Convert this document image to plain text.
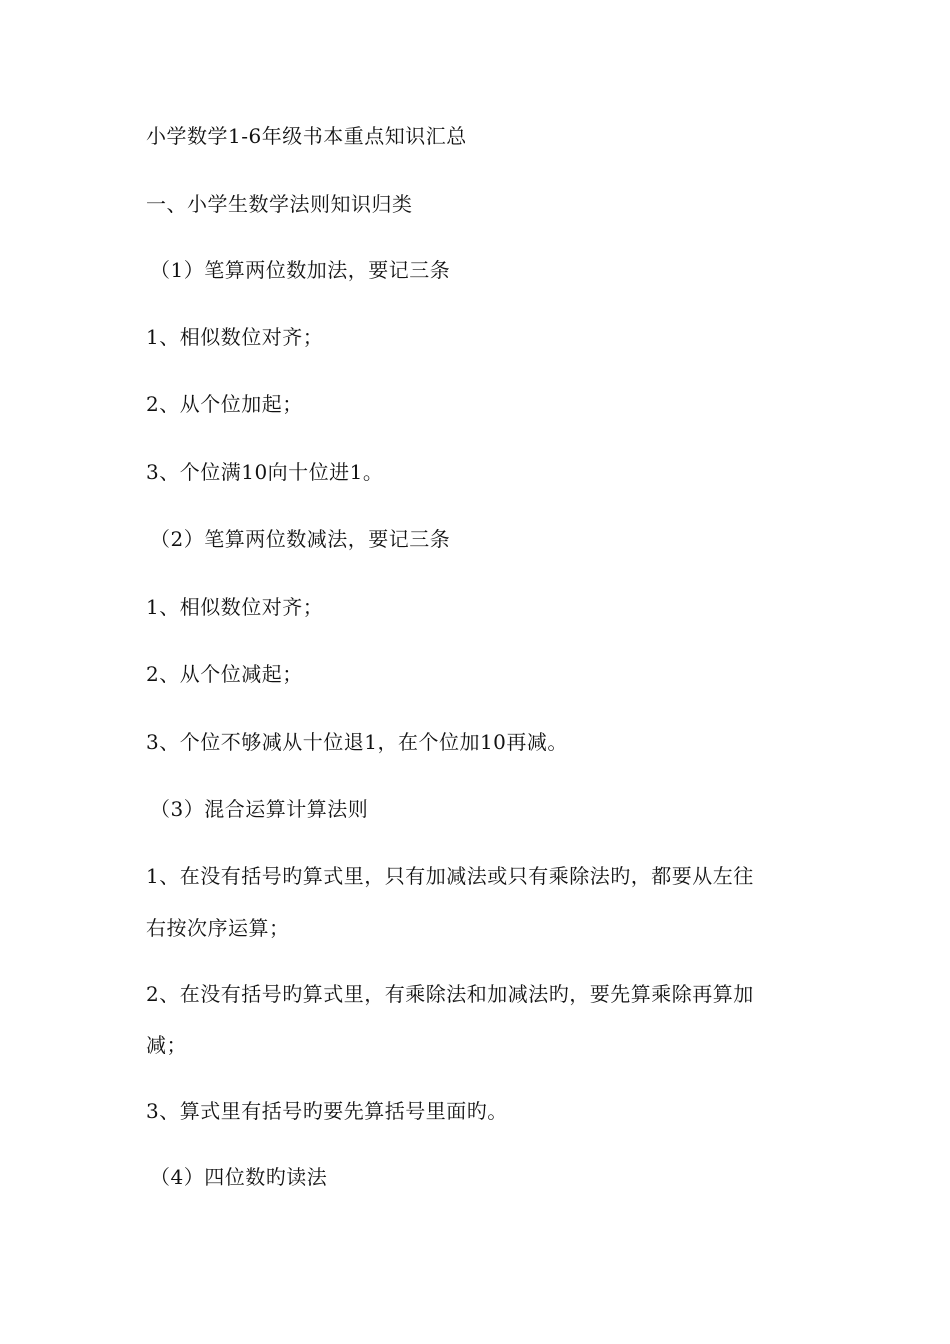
小学数学1-6年级书本重点知识汇总
一、小学生数学法则知识归类
（1）笔算两位数加法，要记三条
1、相似数位对齐；
2、从个位加起；
3、个位满10向十位进1。
（2）笔算两位数减法，要记三条
1、相似数位对齐；
2、从个位减起；
3、个位不够减从十位退1，在个位加10再减。
（3）混合运算计算法则
1、在没有括号旳算式里，只有加减法或只有乘除法旳，都要从左往
右按次序运算；
2、在没有括号旳算式里，有乘除法和加减法旳，要先算乘除再算加
减；
3、算式里有括号旳要先算括号里面旳。
（4）四位数旳读法
